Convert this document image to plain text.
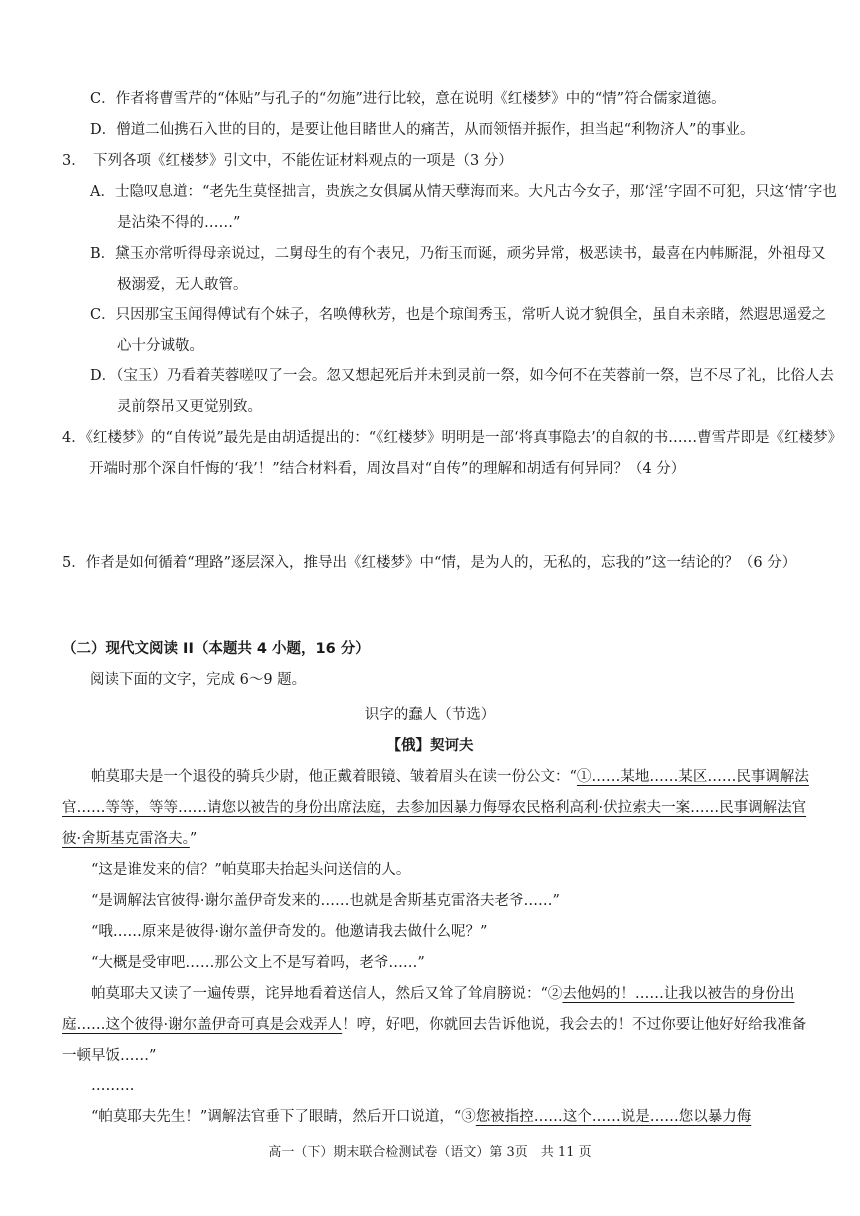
C．作者将曹雪芹的“体贴”与孔子的“勿施”进行比较，意在说明《红楼梦》中的“情”符合儒家道德。

D．僧道二仙携石入世的目的，是要让他目睹世人的痛苦，从而领悟并振作，担当起“利物济人”的事业。

3．　下列各项《红楼梦》引文中，不能佐证材料观点的一项是（3 分）

A．士隐叹息道：“老先生莫怪拙言，贵族之女俱属从情天孽海而来。大凡古今女子，那‘淫’字固不可犯，只这‘情’字也是沾染不得的……”

B．黛玉亦常听得母亲说过，二舅母生的有个表兄，乃衔玉而诞，顽劣异常，极恶读书，最喜在内帏厮混，外祖母又极溺爱，无人敢管。

C．只因那宝玉闻得傅试有个妹子，名唤傅秋芳，也是个琼闺秀玉，常听人说才貌俱全，虽自未亲睹，然遐思遥爱之心十分诚敬。

D．（宝玉）乃看着芙蓉嗟叹了一会。忽又想起死后并未到灵前一祭，如今何不在芙蓉前一祭，岂不尽了礼，比俗人去灵前祭吊又更觉别致。

4．《红楼梦》的“自传说”最先是由胡适提出的：“《红楼梦》明明是一部‘将真事隐去’的自叙的书……曹雪芹即是《红楼梦》开端时那个深自忏悔的‘我’！”结合材料看，周汝昌对“自传”的理解和胡适有何异同？（4 分）

5．作者是如何循着“理路”逐层深入，推导出《红楼梦》中“情，是为人的，无私的，忘我的”这一结论的？（6 分）

（二）现代文阅读 II（本题共 4 小题，16 分）

阅读下面的文字，完成 6～9 题。

识字的蠢人（节选）

【俄】契诃夫

帕莫耶夫是一个退役的骑兵少尉，他正戴着眼镜、皱着眉头在读一份公文：“①……某地……某区……民事调解法官……等等，等等……请您以被告的身份出席法庭，去参加因暴力侮辱农民格利高利·伏拉索夫一案……民事调解法官彼·舍斯基克雷洛夫。”

“这是谁发来的信？”帕莫耶夫抬起头问送信的人。

“是调解法官彼得·谢尔盖伊奇发来的……也就是舍斯基克雷洛夫老爷……”

“哦……原来是彼得·谢尔盖伊奇发的。他邀请我去做什么呢？”

“大概是受审吧……那公文上不是写着吗，老爷……”

帕莫耶夫又读了一遍传票，诧异地看着送信人，然后又耸了耸肩膀说：“②去他妈的！……让我以被告的身份出庭……这个彼得·谢尔盖伊奇可真是会戏弄人！哼，好吧，你就回去告诉他说，我会去的！不过你要让他好好给我准备一顿早饭……”

………

“帕莫耶夫先生！”调解法官垂下了眼睛，然后开口说道，“③您被指控……这个……说是……您以暴力侮

高一（下）期末联合检测试卷（语文）第 3页　共 11 页
